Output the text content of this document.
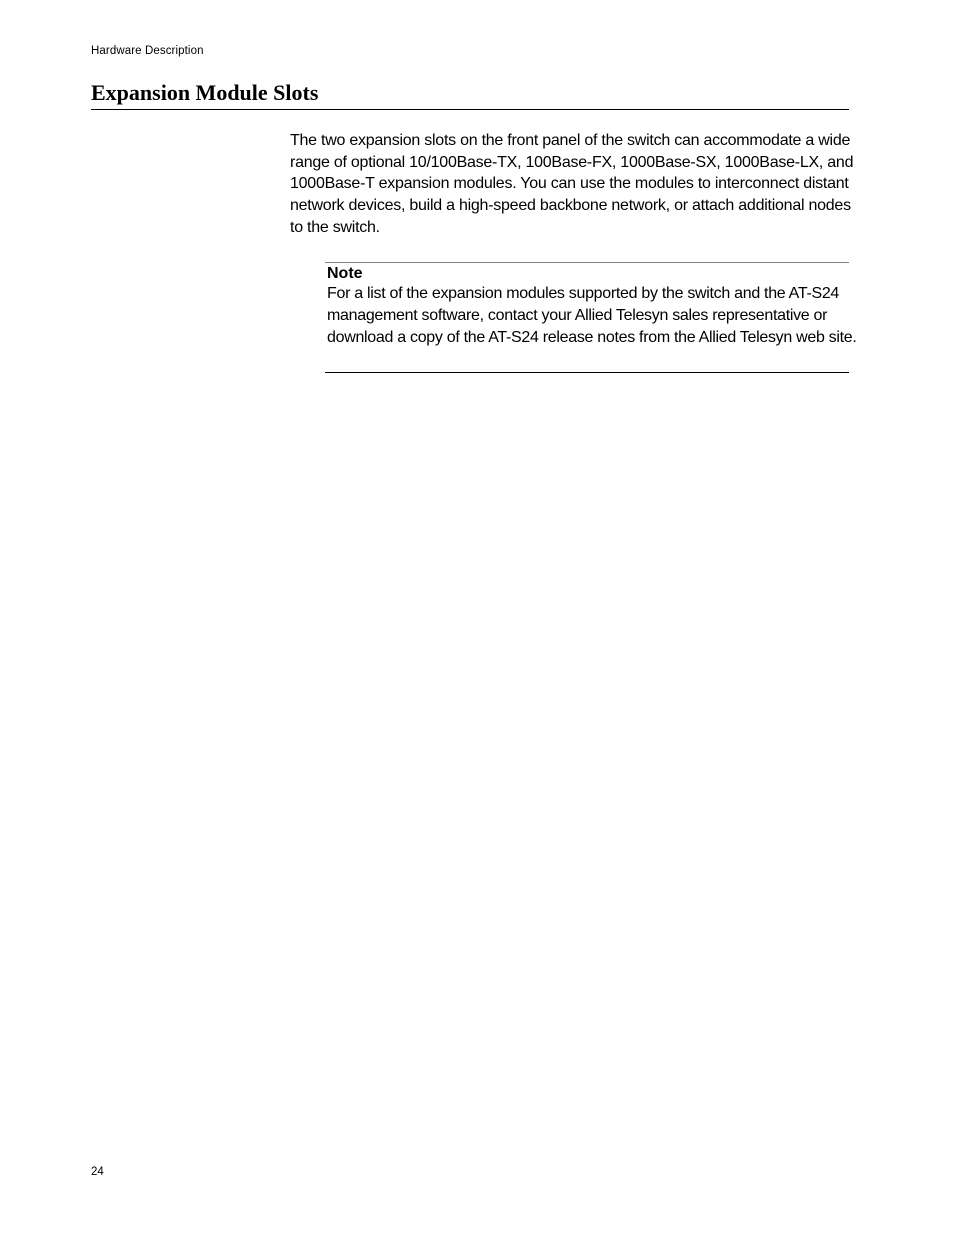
Hardware Description
Expansion Module Slots

The two expansion slots on the front panel of the switch can accommodate a wide range of optional 10/100Base-TX, 100Base-FX, 1000Base-SX, 1000Base-LX, and 1000Base-T expansion modules. You can use the modules to interconnect distant network devices, build a high-speed backbone network, or attach additional nodes to the switch.

Note

For a list of the expansion modules supported by the switch and the AT-S24 management software, contact your Allied Telesyn sales representative or download a copy of the AT-S24 release notes from the Allied Telesyn web site.

24
